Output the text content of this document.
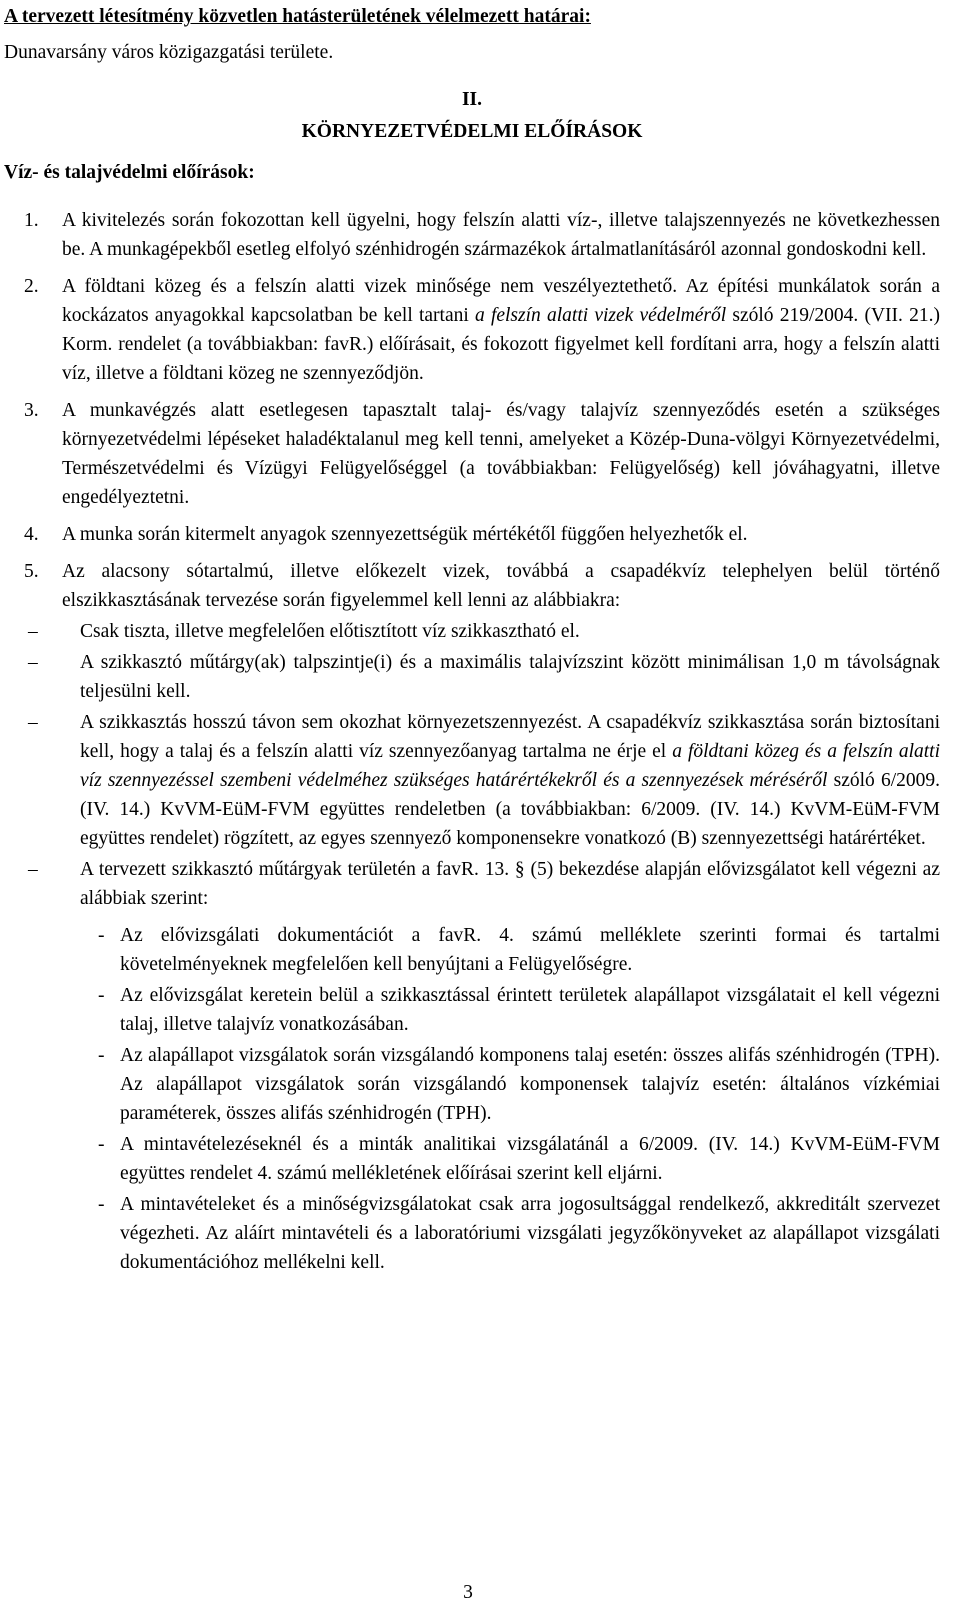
A tervezett létesítmény közvetlen hatásterületének vélelmezett határai:

Dunavarsány város közigazgatási területe.

II.

KÖRNYEZETVÉDELMI ELŐÍRÁSOK

Víz- és talajvédelmi előírások:

1. A kivitelezés során fokozottan kell ügyelni, hogy felszín alatti víz-, illetve talajszennyezés ne következhessen be. A munkagépekből esetleg elfolyó szénhidrogén származékok ártalmatlanításáról azonnal gondoskodni kell.
2. A földtani közeg és a felszín alatti vizek minősége nem veszélyeztethető. Az építési munkálatok során a kockázatos anyagokkal kapcsolatban be kell tartani a felszín alatti vizek védelméről szóló 219/2004. (VII. 21.) Korm. rendelet (a továbbiakban: favR.) előírásait, és fokozott figyelmet kell fordítani arra, hogy a felszín alatti víz, illetve a földtani közeg ne szennyeződjön.
3. A munkavégzés alatt esetlegesen tapasztalt talaj- és/vagy talajvíz szennyeződés esetén a szükséges környezetvédelmi lépéseket haladéktalanul meg kell tenni, amelyeket a Közép-Duna-völgyi Környezetvédelmi, Természetvédelmi és Vízügyi Felügyelőséggel (a továbbiakban: Felügyelőség) kell jóváhagyatni, illetve engedélyeztetni.
4. A munka során kitermelt anyagok szennyezettségük mértékétől függően helyezhetők el.
5. Az alacsony sótartalmú, illetve előkezelt vizek, továbbá a csapadékvíz telephelyen belül történő elszikkasztásának tervezése során figyelemmel kell lenni az alábbiakra:
– Csak tiszta, illetve megfelelően előtisztított víz szikkasztható el.
– A szikkasztó műtárgy(ak) talpszintje(i) és a maximális talajvízszint között minimálisan 1,0 m távolságnak teljesülni kell.
– A szikkasztás hosszú távon sem okozhat környezetszennyezést. A csapadékvíz szikkasztása során biztosítani kell, hogy a talaj és a felszín alatti víz szennyezőanyag tartalma ne érje el a földtani közeg és a felszín alatti víz szennyezéssel szembeni védelméhez szükséges határértékekről és a szennyezések méréséről szóló 6/2009. (IV. 14.) KvVM-EüM-FVM együttes rendeletben (a továbbiakban: 6/2009. (IV. 14.) KvVM-EüM-FVM együttes rendelet) rögzített, az egyes szennyező komponensekre vonatkozó (B) szennyezettségi határértéket.
– A tervezett szikkasztó műtárgyak területén a favR. 13. § (5) bekezdése alapján elővizsgálatot kell végezni az alábbiak szerint:
- Az elővizsgálati dokumentációt a favR. 4. számú melléklete szerinti formai és tartalmi követelményeknek megfelelően kell benyújtani a Felügyelőségre.
- Az elővizsgálat keretein belül a szikkasztással érintett területek alapállapot vizsgálatait el kell végezni talaj, illetve talajvíz vonatkozásában.
- Az alapállapot vizsgálatok során vizsgálandó komponens talaj esetén: összes alifás szénhidrogén (TPH). Az alapállapot vizsgálatok során vizsgálandó komponensek talajvíz esetén: általános vízkémiai paraméterek, összes alifás szénhidrogén (TPH).
- A mintavételezéseknél és a minták analitikai vizsgálatánál a 6/2009. (IV. 14.) KvVM-EüM-FVM együttes rendelet 4. számú mellékletének előírásai szerint kell eljárni.
- A mintavételeket és a minőségvizsgálatokat csak arra jogosultsággal rendelkező, akkreditált szervezet végezheti. Az aláírt mintavételi és a laboratóriumi vizsgálati jegyzőkönyveket az alapállapot vizsgálati dokumentációhoz mellékelni kell.
3
